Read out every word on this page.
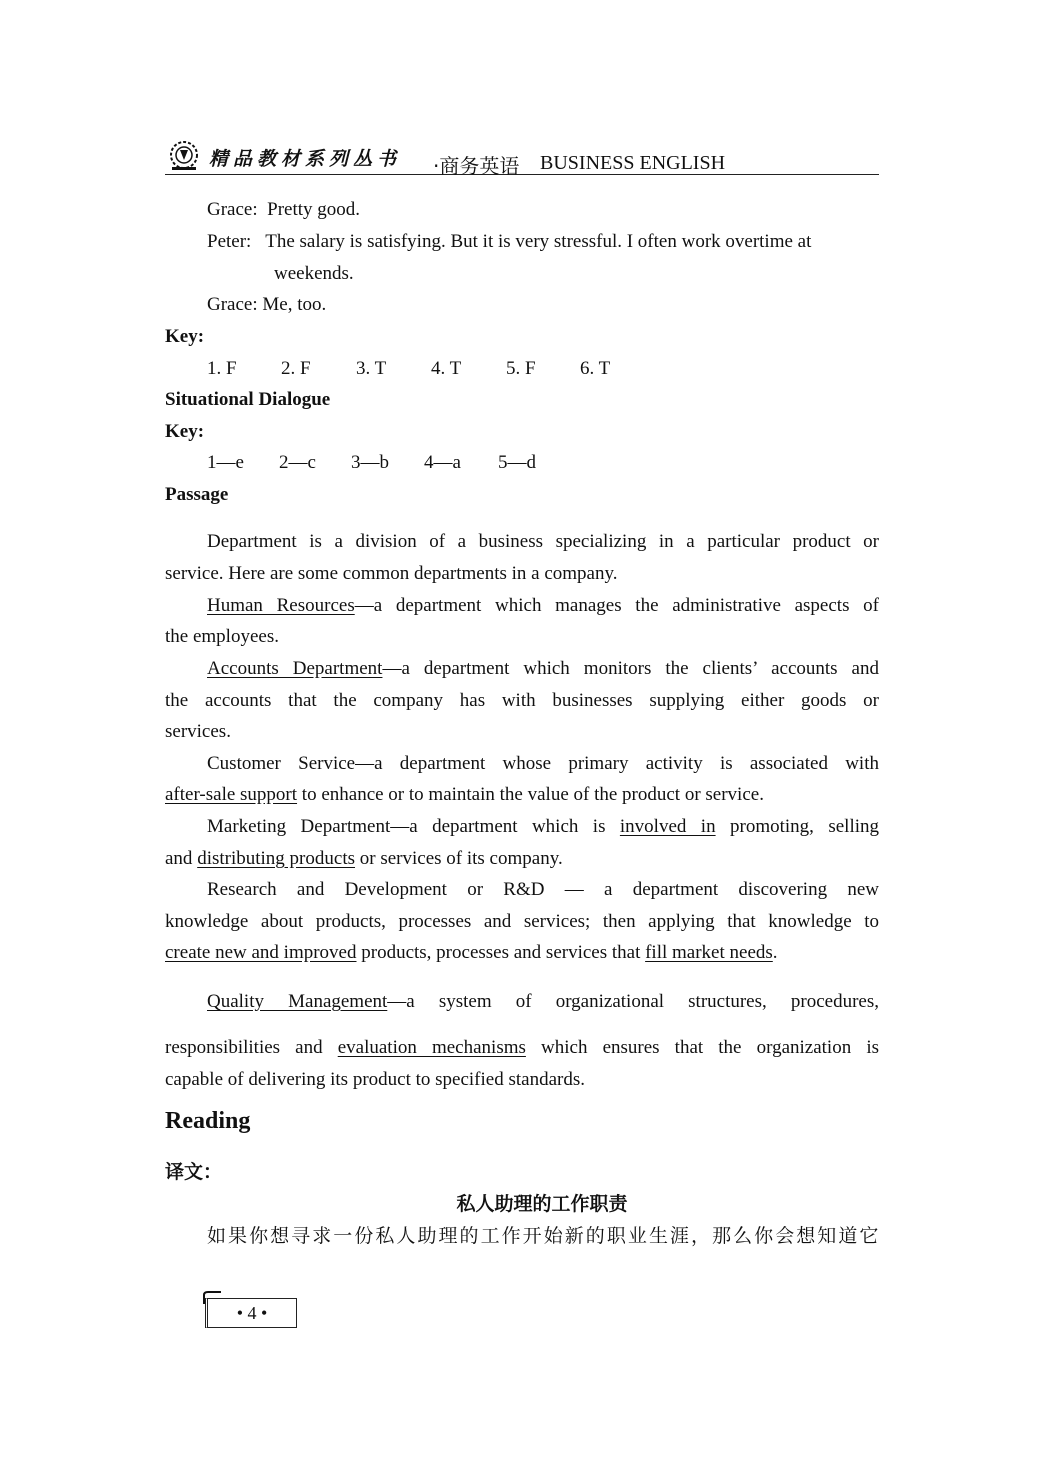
精品教材系列丛书 ·商务英语 BUSINESS ENGLISH
Grace: Pretty good.
Peter: The salary is satisfying. But it is very stressful. I often work overtime at
weekends.
Grace: Me, too.
Key:
1. F 2. F 3. T 4. T 5. F 6. T
Situational Dialogue
Key:
1—e 2—c 3—b 4—a 5—d
Passage
Department is a division of a business specializing in a particular product or
service. Here are some common departments in a company.
Human Resources—a department which manages the administrative aspects of
the employees.
Accounts Department—a department which monitors the clients’ accounts and
the accounts that the company has with businesses supplying either goods or
services.
Customer Service—a department whose primary activity is associated with
after-sale support to enhance or to maintain the value of the product or service.
Marketing Department—a department which is involved in promoting, selling
and distributing products or services of its company.
Research and Development or R&D — a department discovering new
knowledge about products, processes and services; then applying that knowledge to
create new and improved products, processes and services that fill market needs.
Quality Management—a system of organizational structures, procedures,
responsibilities and evaluation mechanisms which ensures that the organization is
capable of delivering its product to specified standards.
Reading
译文：
私人助理的工作职责
如果你想寻求一份私人助理的工作开始新的职业生涯，那么你会想知道它
• 4 •
